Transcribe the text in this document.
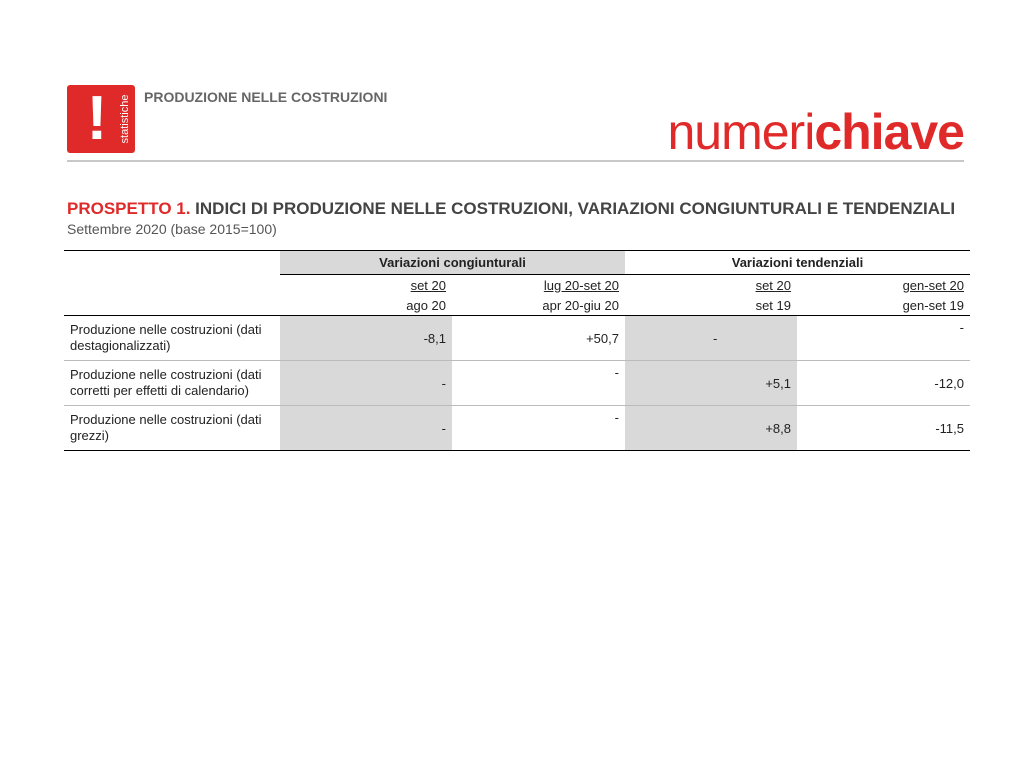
!	statistiche PRODUZIONE NELLE COSTRUZIONI
numerichiave
PROSPETTO 1. INDICI DI PRODUZIONE NELLE COSTRUZIONI, VARIAZIONI CONGIUNTURALI E TENDENZIALI
Settembre 2020 (base 2015=100)
	Variazioni congiunturali		Variazioni tendenziali	
	set 20	lug 20-set 20	set 20	gen-set 20
	ago 20	apr 20-giu 20	set 19	gen-set 19
Produzione nelle costruzioni (dati
destagionalizzati)	-8,1	+50,7	-	-
Produzione nelle costruzioni (dati
corretti per effetti di calendario)	-	-	+5,1	-12,0
Produzione nelle costruzioni (dati
grezzi)	-	-	+8,8	-11,5
